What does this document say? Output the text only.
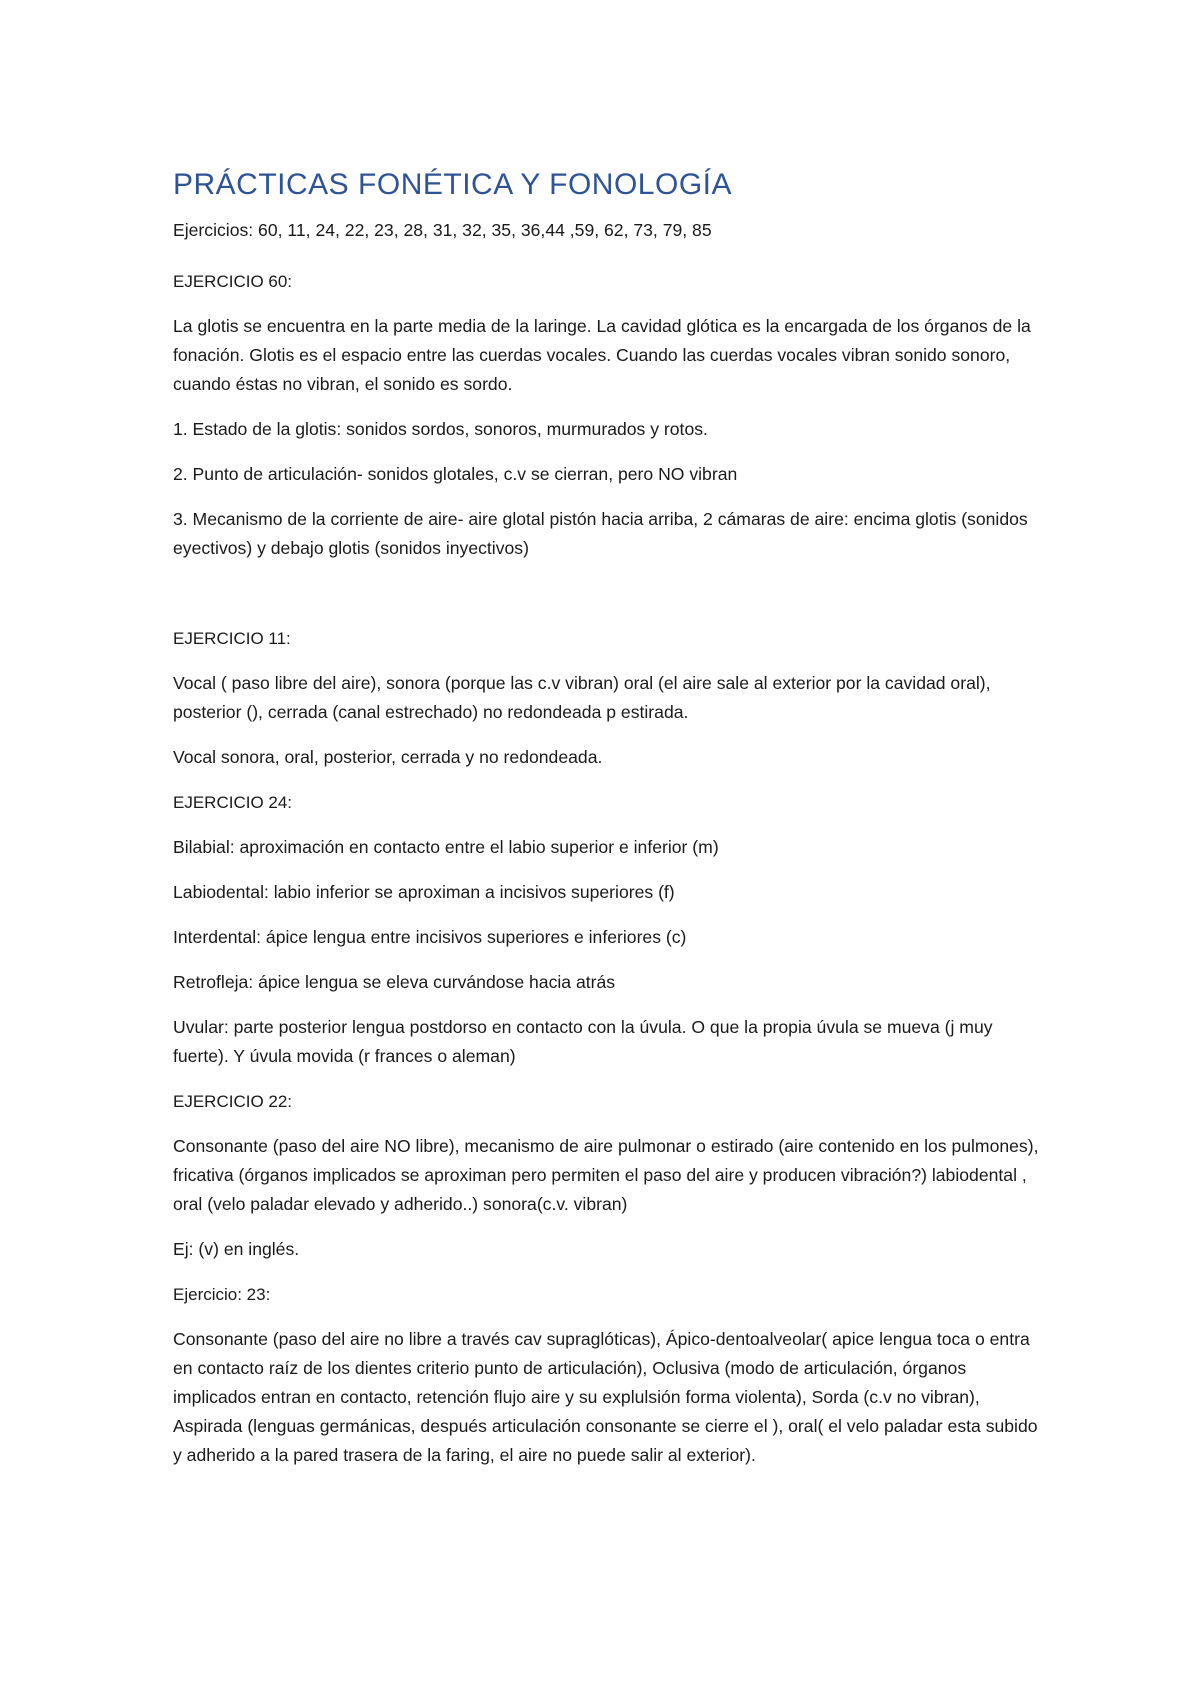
PRÁCTICAS FONÉTICA Y FONOLOGÍA
Ejercicios: 60, 11, 24, 22, 23, 28, 31, 32, 35, 36,44 ,59, 62, 73, 79, 85
EJERCICIO 60:
La glotis se encuentra en la parte media de la laringe. La cavidad glótica es la encargada de los órganos de la fonación. Glotis es el espacio entre las cuerdas vocales. Cuando las cuerdas vocales vibran sonido sonoro, cuando éstas no vibran, el sonido es sordo.
1. Estado de la glotis: sonidos sordos, sonoros, murmurados y rotos.
2. Punto de articulación- sonidos glotales, c.v se cierran, pero NO vibran
3. Mecanismo de la corriente de aire- aire glotal pistón hacia arriba, 2 cámaras de aire: encima glotis (sonidos eyectivos) y debajo glotis (sonidos inyectivos)
EJERCICIO 11:
Vocal ( paso libre del aire), sonora (porque las c.v vibran) oral (el aire sale al exterior por la cavidad oral), posterior (), cerrada (canal estrechado) no redondeada p estirada.
Vocal sonora, oral, posterior, cerrada y no redondeada.
EJERCICIO 24:
Bilabial: aproximación en contacto entre el labio superior e inferior (m)
Labiodental: labio inferior se aproximan a incisivos superiores (f)
Interdental: ápice lengua entre incisivos superiores e inferiores (c)
Retrofleja: ápice lengua se eleva curvándose hacia atrás
Uvular: parte posterior lengua postdorso en contacto con la úvula. O que la propia úvula se mueva (j muy fuerte). Y úvula movida (r frances o aleman)
EJERCICIO 22:
Consonante (paso del aire NO libre), mecanismo de aire pulmonar o estirado (aire contenido en los pulmones), fricativa (órganos implicados se aproximan pero permiten el paso del aire y producen vibración?) labiodental , oral (velo paladar elevado y adherido..) sonora(c.v. vibran)
Ej: (v) en inglés.
Ejercicio: 23:
Consonante (paso del aire no libre a través cav supraglóticas), Ápico-dentoalveolar( apice lengua toca o entra en contacto raíz de los dientes criterio punto de articulación), Oclusiva (modo de articulación, órganos implicados entran en contacto, retención flujo aire y su explulsión forma violenta), Sorda (c.v no vibran), Aspirada (lenguas germánicas, después articulación consonante se cierre el ), oral( el velo paladar esta subido y adherido a la pared trasera de la faring, el aire no puede salir al exterior).
